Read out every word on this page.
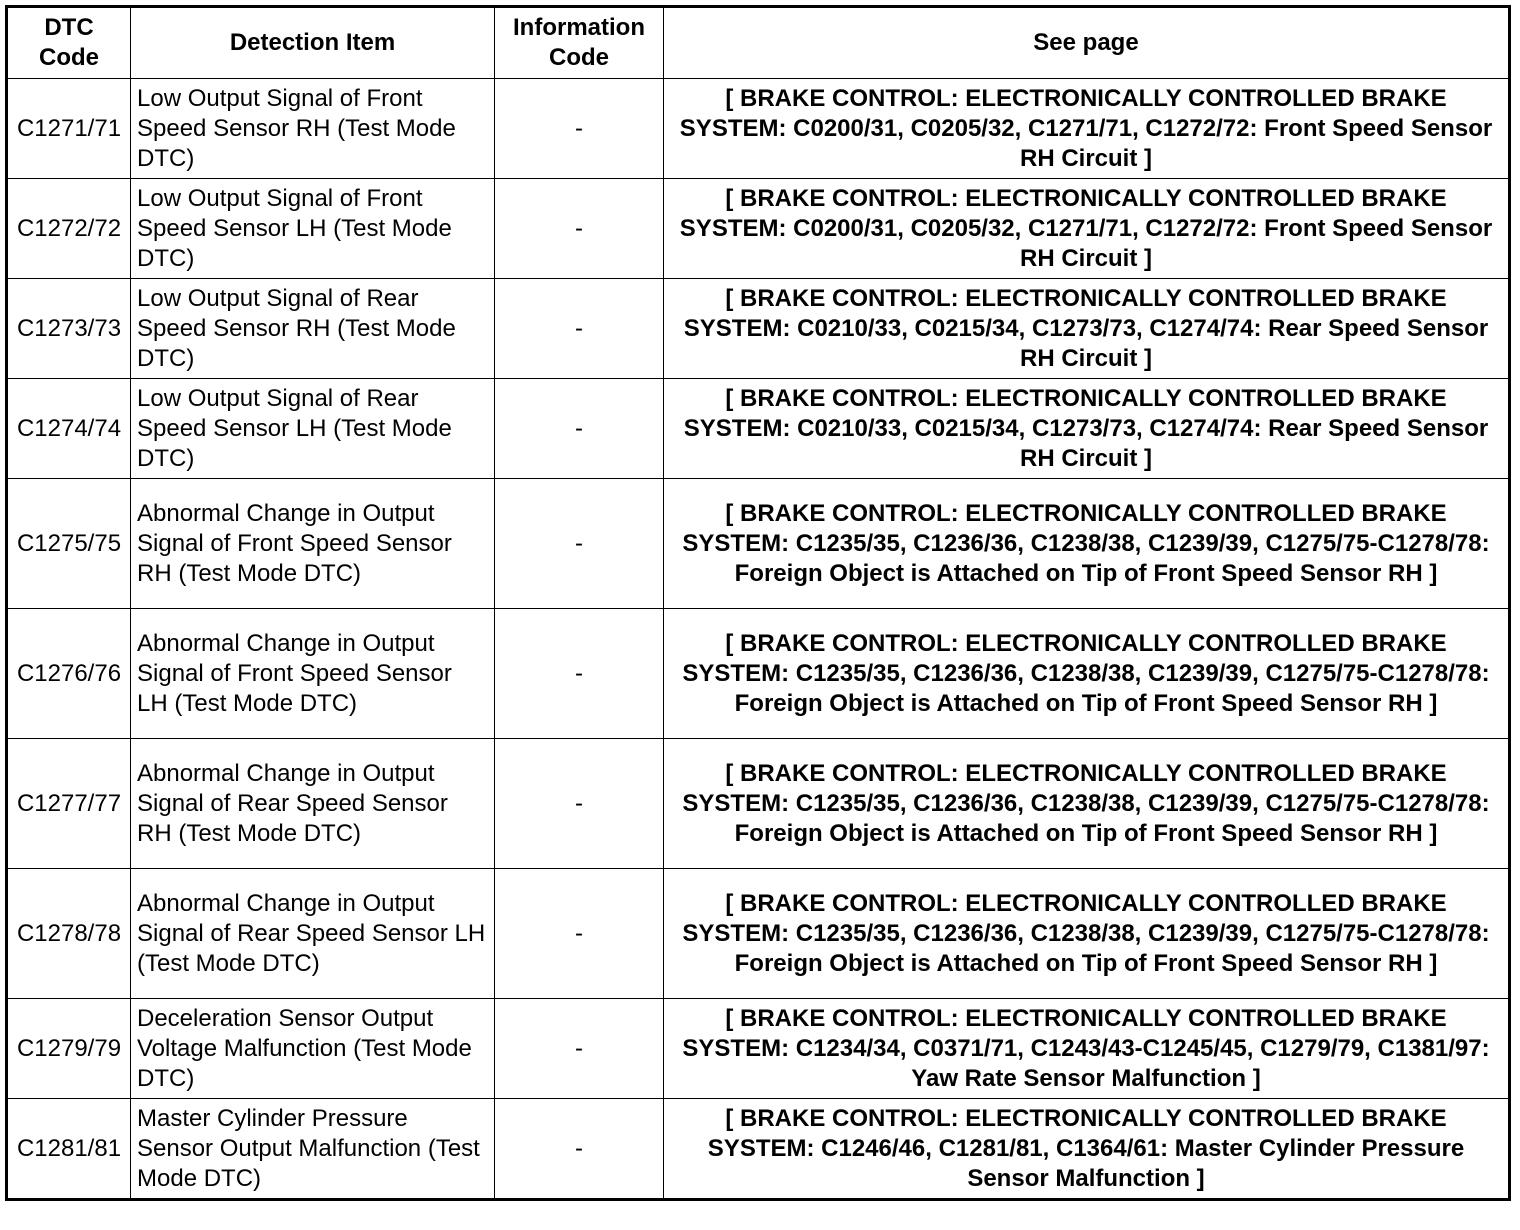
DTC Code	Detection Item	Information Code	See page
C1271/71	Low Output Signal of Front Speed Sensor RH (Test Mode DTC)	-	[ BRAKE CONTROL: ELECTRONICALLY CONTROLLED BRAKE SYSTEM: C0200/31, C0205/32, C1271/71, C1272/72: Front Speed Sensor RH Circuit ]
C1272/72	Low Output Signal of Front Speed Sensor LH (Test Mode DTC)	-	[ BRAKE CONTROL: ELECTRONICALLY CONTROLLED BRAKE SYSTEM: C0200/31, C0205/32, C1271/71, C1272/72: Front Speed Sensor RH Circuit ]
C1273/73	Low Output Signal of Rear Speed Sensor RH (Test Mode DTC)	-	[ BRAKE CONTROL: ELECTRONICALLY CONTROLLED BRAKE SYSTEM: C0210/33, C0215/34, C1273/73, C1274/74: Rear Speed Sensor RH Circuit ]
C1274/74	Low Output Signal of Rear Speed Sensor LH (Test Mode DTC)	-	[ BRAKE CONTROL: ELECTRONICALLY CONTROLLED BRAKE SYSTEM: C0210/33, C0215/34, C1273/73, C1274/74: Rear Speed Sensor RH Circuit ]
C1275/75	Abnormal Change in Output Signal of Front Speed Sensor RH (Test Mode DTC)	-	[ BRAKE CONTROL: ELECTRONICALLY CONTROLLED BRAKE SYSTEM: C1235/35, C1236/36, C1238/38, C1239/39, C1275/75-C1278/78: Foreign Object is Attached on Tip of Front Speed Sensor RH ]
C1276/76	Abnormal Change in Output Signal of Front Speed Sensor LH (Test Mode DTC)	-	[ BRAKE CONTROL: ELECTRONICALLY CONTROLLED BRAKE SYSTEM: C1235/35, C1236/36, C1238/38, C1239/39, C1275/75-C1278/78: Foreign Object is Attached on Tip of Front Speed Sensor RH ]
C1277/77	Abnormal Change in Output Signal of Rear Speed Sensor RH (Test Mode DTC)	-	[ BRAKE CONTROL: ELECTRONICALLY CONTROLLED BRAKE SYSTEM: C1235/35, C1236/36, C1238/38, C1239/39, C1275/75-C1278/78: Foreign Object is Attached on Tip of Front Speed Sensor RH ]
C1278/78	Abnormal Change in Output Signal of Rear Speed Sensor LH (Test Mode DTC)	-	[ BRAKE CONTROL: ELECTRONICALLY CONTROLLED BRAKE SYSTEM: C1235/35, C1236/36, C1238/38, C1239/39, C1275/75-C1278/78: Foreign Object is Attached on Tip of Front Speed Sensor RH ]
C1279/79	Deceleration Sensor Output Voltage Malfunction (Test Mode DTC)	-	[ BRAKE CONTROL: ELECTRONICALLY CONTROLLED BRAKE SYSTEM: C1234/34, C0371/71, C1243/43-C1245/45, C1279/79, C1381/97: Yaw Rate Sensor Malfunction ]
C1281/81	Master Cylinder Pressure Sensor Output Malfunction (Test Mode DTC)	-	[ BRAKE CONTROL: ELECTRONICALLY CONTROLLED BRAKE SYSTEM: C1246/46, C1281/81, C1364/61: Master Cylinder Pressure Sensor Malfunction ]
